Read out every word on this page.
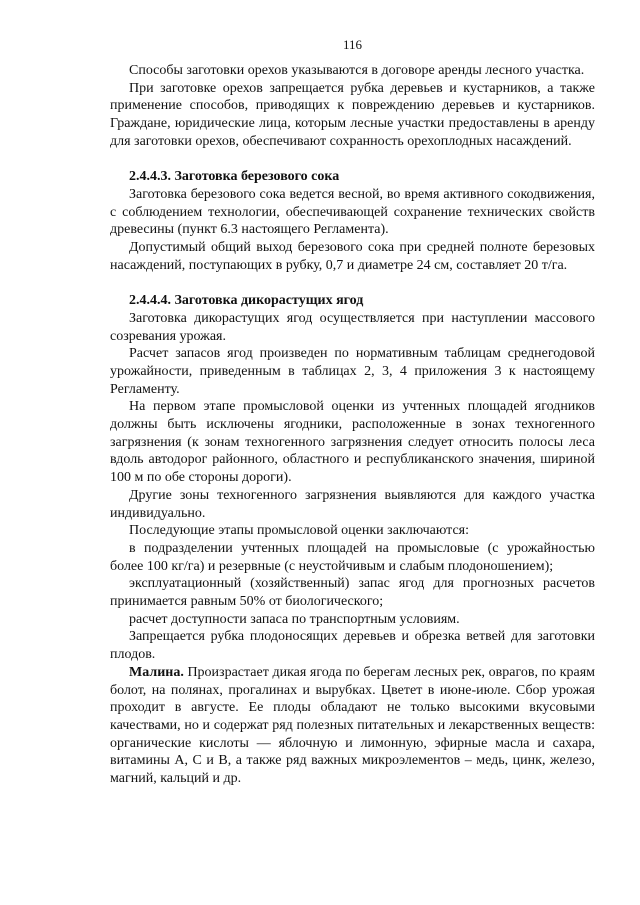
116

Способы заготовки орехов указываются в договоре аренды лесного участка.

При заготовке орехов запрещается рубка деревьев и кустарников, а также применение способов, приводящих к повреждению деревьев и кустарников. Граждане, юридические лица, которым лесные участки предоставлены в аренду для заготовки орехов, обеспечивают сохранность орехоплодных насаждений.

2.4.4.3. Заготовка березового сока

Заготовка березового сока ведется весной, во время активного сокодвижения, с соблюдением технологии, обеспечивающей сохранение технических свойств древесины (пункт 6.3 настоящего Регламента).

Допустимый общий выход березового сока при средней полноте березовых насаждений, поступающих в рубку, 0,7 и диаметре 24 см, составляет 20 т/га.

2.4.4.4. Заготовка дикорастущих ягод

Заготовка дикорастущих ягод осуществляется при наступлении массового созревания урожая.

Расчет запасов ягод произведен по нормативным таблицам среднегодовой урожайности, приведенным в таблицах 2, 3, 4 приложения 3 к настоящему Регламенту.

На первом этапе промысловой оценки из учтенных площадей ягодников должны быть исключены ягодники, расположенные в зонах техногенного загрязнения (к зонам техногенного загрязнения следует относить полосы леса вдоль автодорог районного, областного и республиканского значения, шириной 100 м по обе стороны дороги).

Другие зоны техногенного загрязнения выявляются для каждого участка индивидуально.

Последующие этапы промысловой оценки заключаются:

в подразделении учтенных площадей на промысловые (с урожайностью более 100 кг/га) и резервные (с неустойчивым и слабым плодоношением);

эксплуатационный (хозяйственный) запас ягод для прогнозных расчетов принимается равным 50% от биологического;

расчет доступности запаса по транспортным условиям.

Запрещается рубка плодоносящих деревьев и обрезка ветвей для заготовки плодов.

Малина. Произрастает дикая ягода по берегам лесных рек, оврагов, по краям болот, на полянах, прогалинах и вырубках. Цветет в июне-июле. Сбор урожая проходит в августе. Ее плоды обладают не только высокими вкусовыми качествами, но и содержат ряд полезных питательных и лекарственных веществ: органические кислоты — яблочную и лимонную, эфирные масла и сахара, витамины А, С и В, а также ряд важных микроэлементов – медь, цинк, железо, магний, кальций и др.
